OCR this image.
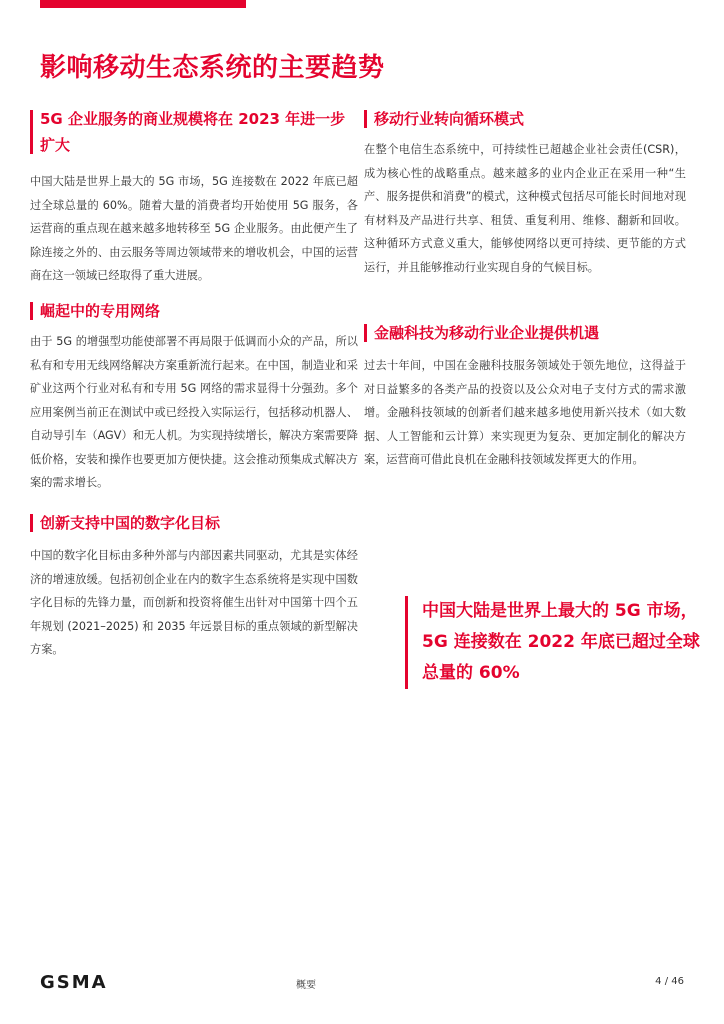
影响移动生态系统的主要趋势
5G 企业服务的商业规模将在 2023 年进一步扩大

中国大陆是世界上最大的 5G 市场，5G 连接数在 2022 年底已超过全球总量的 60%。随着大量的消费者均开始使用 5G 服务，各运营商的重点现在越来越多地转移至 5G 企业服务。由此便产生了除连接之外的、由云服务等周边领域带来的增收机会，中国的运营商在这一领域已经取得了重大进展。

崛起中的专用网络

由于 5G 的增强型功能使部署不再局限于低调而小众的产品，所以私有和专用无线网络解决方案重新流行起来。在中国，制造业和采矿业这两个行业对私有和专用 5G 网络的需求显得十分强劲。多个应用案例当前正在测试中或已经投入实际运行，包括移动机器人、自动导引车（AGV）和无人机。为实现持续增长，解决方案需要降低价格，安装和操作也要更加方便快捷。这会推动预集成式解决方案的需求增长。

创新支持中国的数字化目标

中国的数字化目标由多种外部与内部因素共同驱动，尤其是实体经济的增速放缓。包括初创企业在内的数字生态系统将是实现中国数字化目标的先锋力量，而创新和投资将催生出针对中国第十四个五年规划 (2021–2025) 和 2035 年远景目标的重点领域的新型解决方案。

移动行业转向循环模式

在整个电信生态系统中，可持续性已超越企业社会责任(CSR)，成为核心性的战略重点。越来越多的业内企业正在采用一种“生产、服务提供和消费”的模式，这种模式包括尽可能长时间地对现有材料及产品进行共享、租赁、重复利用、维修、翻新和回收。这种循环方式意义重大，能够使网络以更可持续、更节能的方式运行，并且能够推动行业实现自身的气候目标。

金融科技为移动行业企业提供机遇

过去十年间，中国在金融科技服务领域处于领先地位，这得益于对日益繁多的各类产品的投资以及公众对电子支付方式的需求激增。金融科技领域的创新者们越来越多地使用新兴技术（如大数据、人工智能和云计算）来实现更为复杂、更加定制化的解决方案，运营商可借此良机在金融科技领域发挥更大的作用。

中国大陆是世界上最大的 5G 市场，5G 连接数在 2022 年底已超过全球总量的 60%

GSMA	概要	4 / 46
